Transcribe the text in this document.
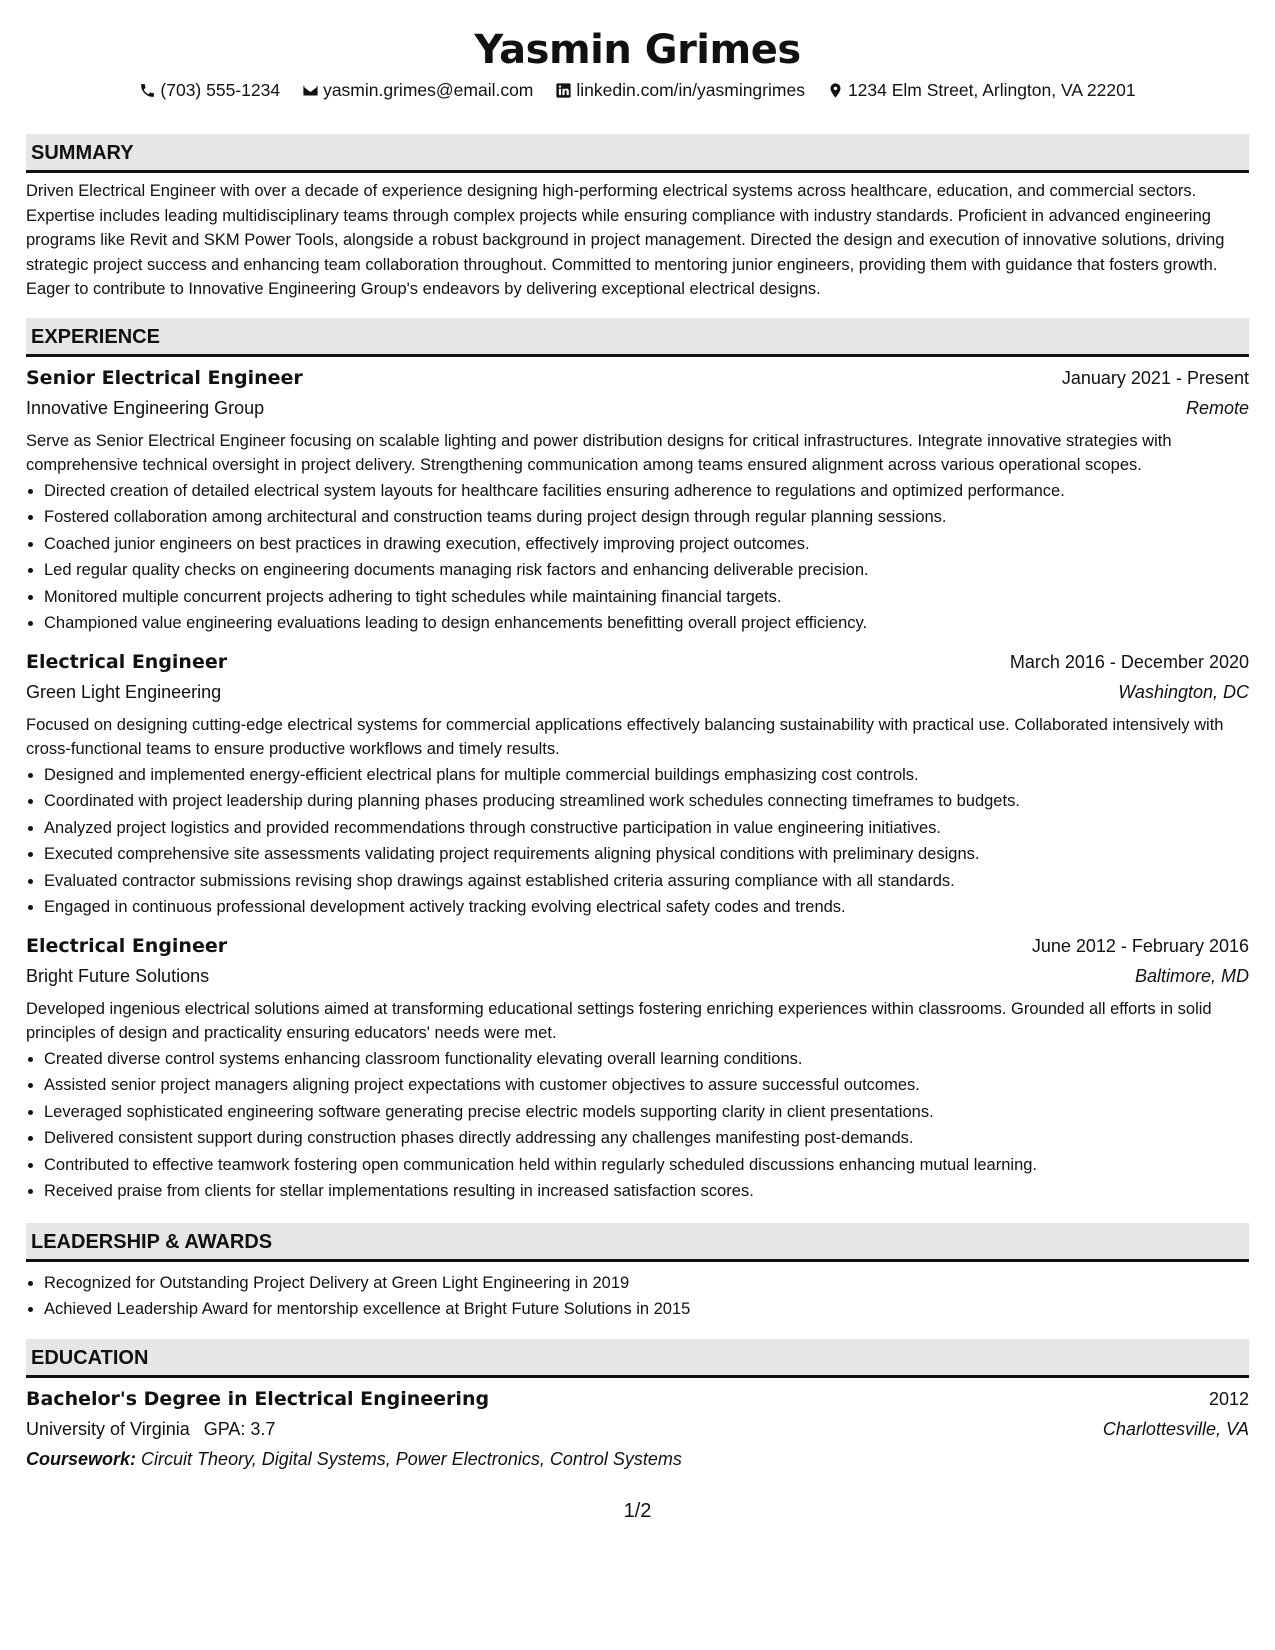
Yasmin Grimes
(703) 555-1234 yasmin.grimes@email.com linkedin.com/in/yasmingrimes 1234 Elm Street, Arlington, VA 22201
SUMMARY
Driven Electrical Engineer with over a decade of experience designing high-performing electrical systems across healthcare, education, and commercial sectors. Expertise includes leading multidisciplinary teams through complex projects while ensuring compliance with industry standards. Proficient in advanced engineering programs like Revit and SKM Power Tools, alongside a robust background in project management. Directed the design and execution of innovative solutions, driving strategic project success and enhancing team collaboration throughout. Committed to mentoring junior engineers, providing them with guidance that fosters growth. Eager to contribute to Innovative Engineering Group's endeavors by delivering exceptional electrical designs.
EXPERIENCE
Senior Electrical Engineer	January 2021 - Present
Innovative Engineering Group	Remote
Serve as Senior Electrical Engineer focusing on scalable lighting and power distribution designs for critical infrastructures. Integrate innovative strategies with comprehensive technical oversight in project delivery. Strengthening communication among teams ensured alignment across various operational scopes.
• Directed creation of detailed electrical system layouts for healthcare facilities ensuring adherence to regulations and optimized performance.
• Fostered collaboration among architectural and construction teams during project design through regular planning sessions.
• Coached junior engineers on best practices in drawing execution, effectively improving project outcomes.
• Led regular quality checks on engineering documents managing risk factors and enhancing deliverable precision.
• Monitored multiple concurrent projects adhering to tight schedules while maintaining financial targets.
• Championed value engineering evaluations leading to design enhancements benefitting overall project efficiency.
Electrical Engineer	March 2016 - December 2020
Green Light Engineering	Washington, DC
Focused on designing cutting-edge electrical systems for commercial applications effectively balancing sustainability with practical use. Collaborated intensively with cross-functional teams to ensure productive workflows and timely results.
• Designed and implemented energy-efficient electrical plans for multiple commercial buildings emphasizing cost controls.
• Coordinated with project leadership during planning phases producing streamlined work schedules connecting timeframes to budgets.
• Analyzed project logistics and provided recommendations through constructive participation in value engineering initiatives.
• Executed comprehensive site assessments validating project requirements aligning physical conditions with preliminary designs.
• Evaluated contractor submissions revising shop drawings against established criteria assuring compliance with all standards.
• Engaged in continuous professional development actively tracking evolving electrical safety codes and trends.
Electrical Engineer	June 2012 - February 2016
Bright Future Solutions	Baltimore, MD
Developed ingenious electrical solutions aimed at transforming educational settings fostering enriching experiences within classrooms. Grounded all efforts in solid principles of design and practicality ensuring educators' needs were met.
• Created diverse control systems enhancing classroom functionality elevating overall learning conditions.
• Assisted senior project managers aligning project expectations with customer objectives to assure successful outcomes.
• Leveraged sophisticated engineering software generating precise electric models supporting clarity in client presentations.
• Delivered consistent support during construction phases directly addressing any challenges manifesting post-demands.
• Contributed to effective teamwork fostering open communication held within regularly scheduled discussions enhancing mutual learning.
• Received praise from clients for stellar implementations resulting in increased satisfaction scores.
LEADERSHIP & AWARDS
• Recognized for Outstanding Project Delivery at Green Light Engineering in 2019
• Achieved Leadership Award for mentorship excellence at Bright Future Solutions in 2015
EDUCATION
Bachelor's Degree in Electrical Engineering	2012
University of Virginia GPA: 3.7	Charlottesville, VA
Coursework: Circuit Theory, Digital Systems, Power Electronics, Control Systems
1/2
